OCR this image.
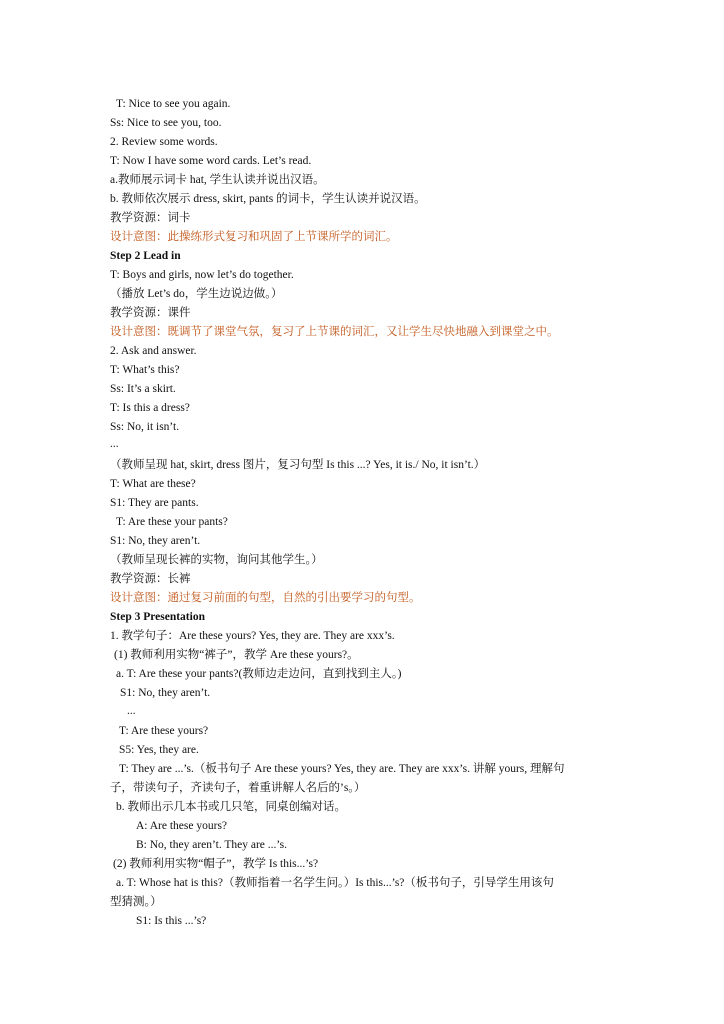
T: Nice to see you again.
Ss: Nice to see you, too.
2. Review some words.
T: Now I have some word cards. Let’s read.
a.教师展示词卡 hat, 学生认读并说出汉语。
b. 教师依次展示 dress, skirt, pants 的词卡，学生认读并说汉语。
教学资源：词卡
设计意图：此操练形式复习和巩固了上节课所学的词汇。
Step 2 Lead in
T: Boys and girls, now let’s do together.
（播放 Let’s do，学生边说边做。）
教学资源：课件
设计意图：既调节了课堂气氛，复习了上节课的词汇，又让学生尽快地融入到课堂之中。
2. Ask and answer.
T: What’s this?
Ss: It’s a skirt.
T: Is this a dress?
Ss: No, it isn’t.
...
（教师呈现 hat, skirt, dress 图片，复习句型 Is this ...? Yes, it is./ No, it isn’t.）
T: What are these?
S1: They are pants.
T: Are these your pants?
S1: No, they aren’t.
（教师呈现长裤的实物，询问其他学生。）
教学资源：长裤
设计意图：通过复习前面的句型，自然的引出要学习的句型。
Step 3 Presentation
1. 教学句子：Are these yours? Yes, they are. They are xxx’s.
(1) 教师利用实物“裤子”，教学 Are these yours?。
a. T: Are these your pants?(教师边走边问，直到找到主人。)
S1: No, they aren’t.
...
T: Are these yours?
S5: Yes, they are.
T: They are ...’s.（板书句子 Are these yours? Yes, they are. They are xxx’s. 讲解 yours, 理解句
子，带读句子，齐读句子，着重讲解人名后的’s。）
b. 教师出示几本书或几只笔，同桌创编对话。
A: Are these yours?
B: No, they aren’t. They are ...’s.
(2) 教师利用实物“帽子”，教学 Is this...’s?
a. T: Whose hat is this?（教师指着一名学生问。）Is this...’s?（板书句子，引导学生用该句
型猜测。）
S1: Is this ...’s?
